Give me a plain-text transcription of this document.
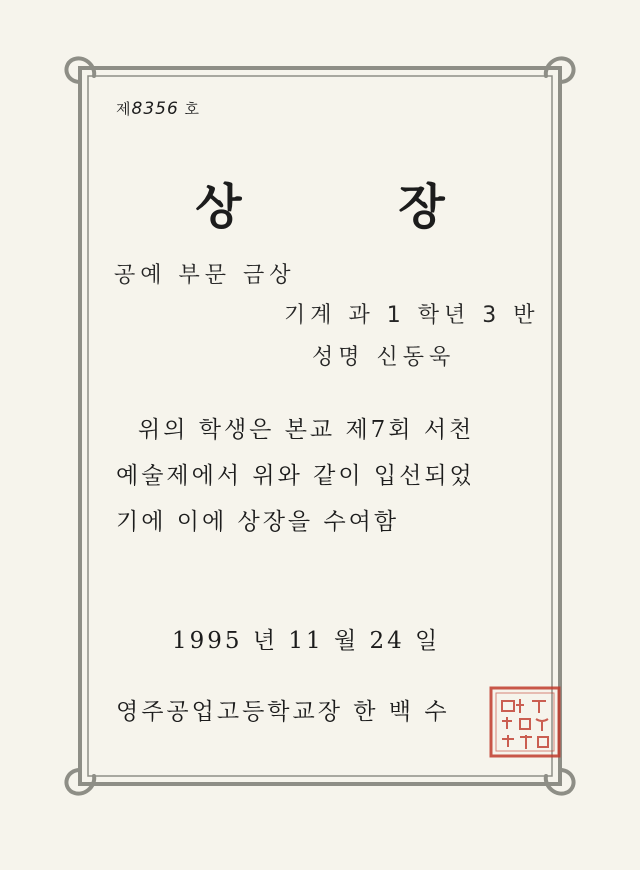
제8356 호
상 장
공예 부문 금상
기계 과 1 학년 3 반
성명 신동욱
위의 학생은 본교 제7회 서천
예술제에서 위와 같이 입선되었
기에 이에 상장을 수여함
1995 년 11 월 24 일
영주공업고등학교장 한 백 수
